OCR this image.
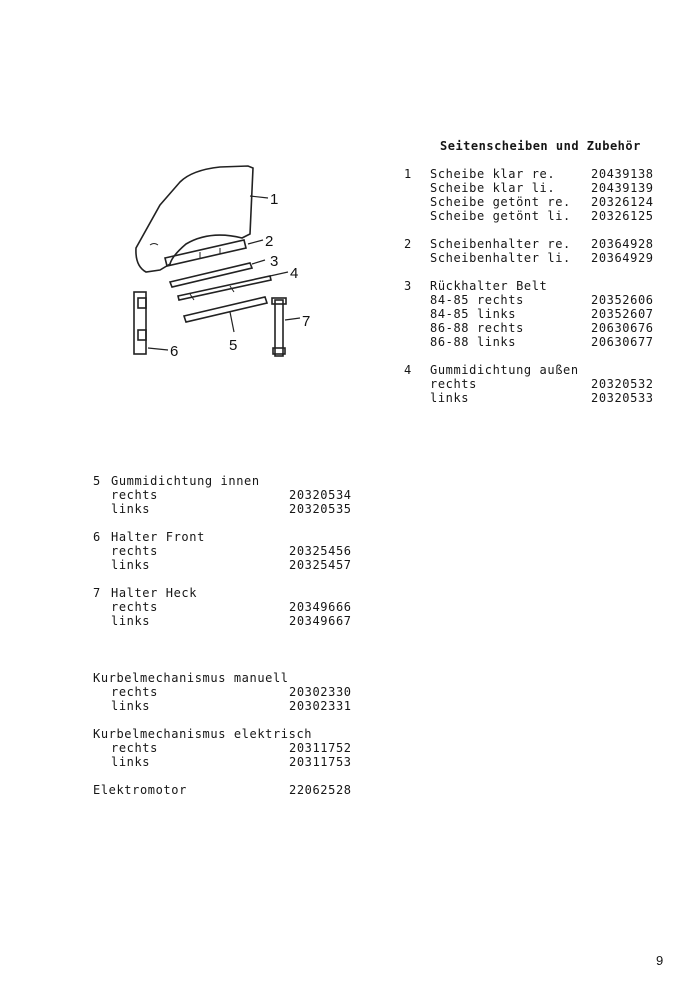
Seitenscheiben und Zubehör
1
2
3
4
5
6
7
1 Scheibe klar re.	20439138
Scheibe klar li.	20439139
Scheibe getönt re. 20326124
Scheibe getönt li. 20326125
2 Scheibenhalter re. 20364928
Scheibenhalter li. 20364929
3 Rückhalter Belt
84-85 rechts	20352606
84-85 links	20352607
86-88 rechts	20630676
86-88 links	20630677
4 Gummidichtung außen
rechts	20320532
links	20320533
5 Gummidichtung innen
rechts	20320534
links	20320535
6 Halter Front
rechts	20325456
links	20325457
7 Halter Heck
rechts	20349666
links	20349667
Kurbelmechanismus manuell
rechts	20302330
links	20302331
Kurbelmechanismus elektrisch
rechts	20311752
links	20311753
Elektromotor	22062528
9
